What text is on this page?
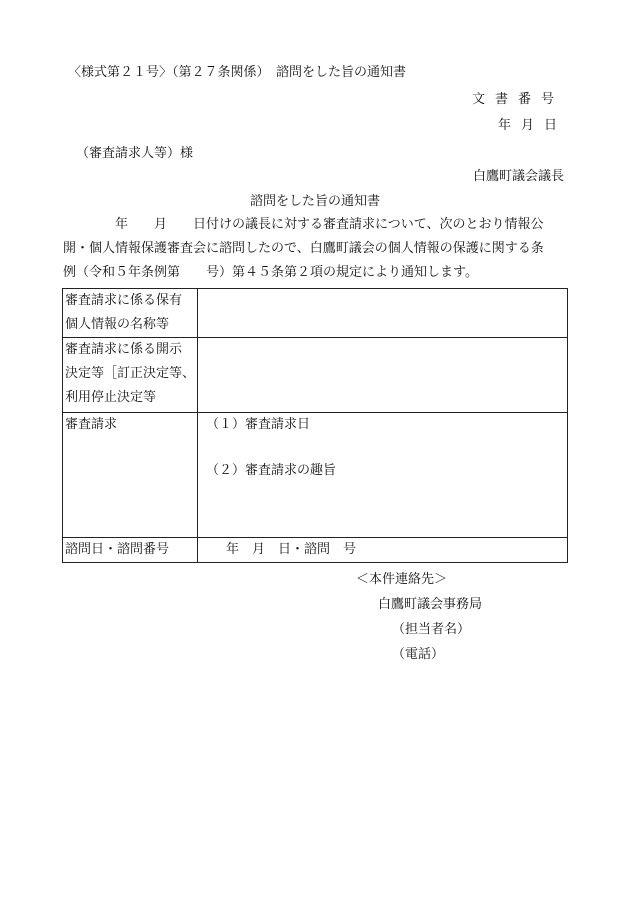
〈様式第２１号〉（第２７条関係）　諮問をした旨の通知書
文書番号
年月日
（審査請求人等）様
白鷹町議会議長
諮問をした旨の通知書
　　　　年　　月　　日付けの議長に対する審査請求について、次のとおり情報公
開・個人情報保護審査会に諮問したので、白鷹町議会の個人情報の保護に関する条
例（令和５年条例第　　号）第４５条第２項の規定により通知します。
審査請求に係る保有
個人情報の名称等	

審査請求に係る開示
決定等［訂正決定等、
利用停止決定等	

審査請求	（１）審査請求日
（２）審査請求の趣旨

諮問日・諮問番号	　　年　月　日・諮問　号
＜本件連絡先＞
白鷹町議会事務局
（担当者名）
（電話）
